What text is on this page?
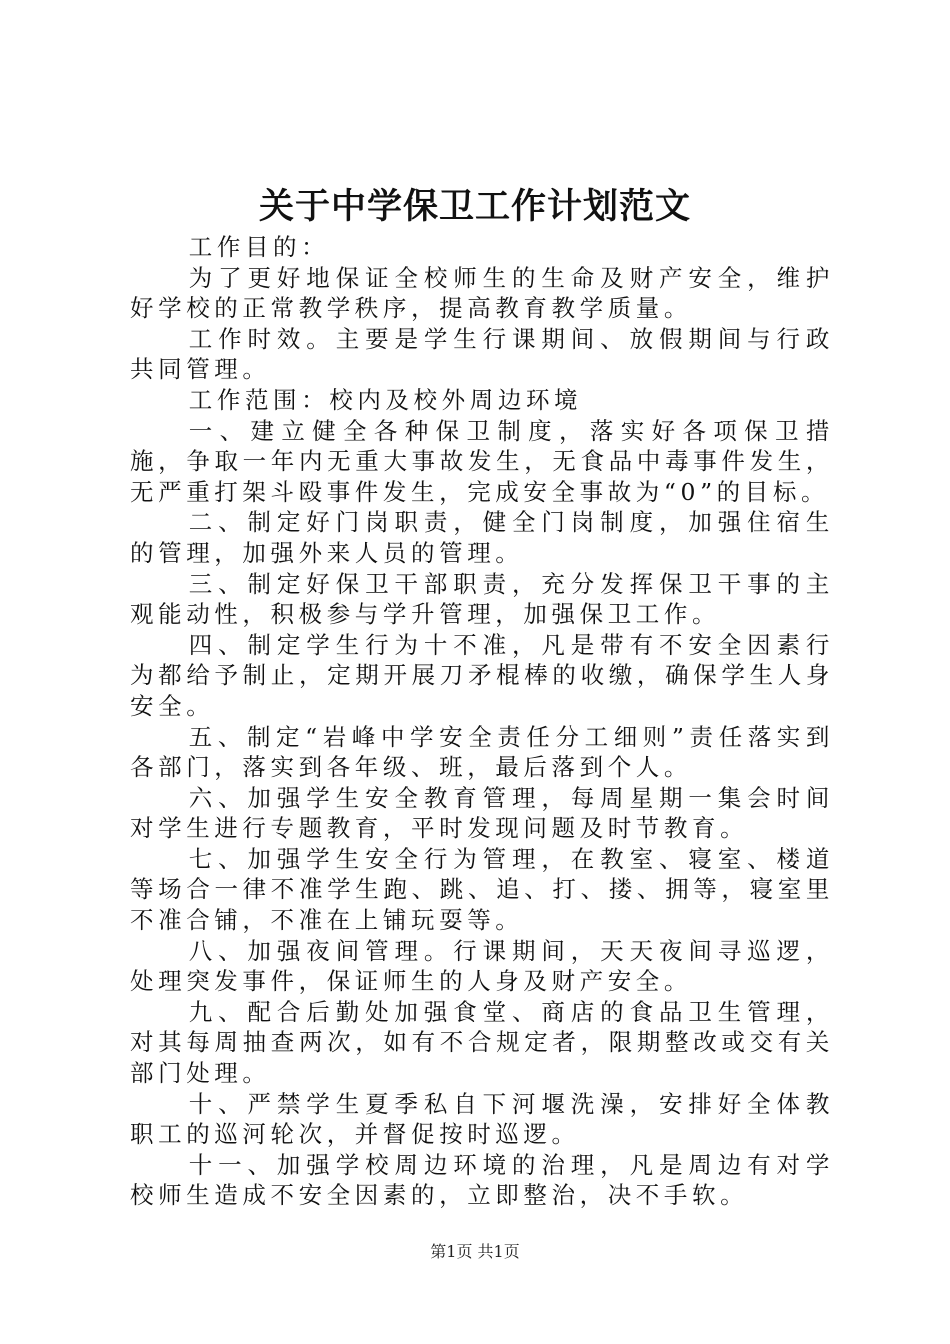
关于中学保卫工作计划范文

工作目的：

为了更好地保证全校师生的生命及财产安全，维护好学校的正常教学秩序，提高教育教学质量。

工作时效。主要是学生行课期间、放假期间与行政共同管理。

工作范围：校内及校外周边环境

一、建立健全各种保卫制度，落实好各项保卫措施，争取一年内无重大事故发生，无食品中毒事件发生，无严重打架斗殴事件发生，完成安全事故为“0”的目标。

二、制定好门岗职责，健全门岗制度，加强住宿生的管理，加强外来人员的管理。

三、制定好保卫干部职责，充分发挥保卫干事的主观能动性，积极参与学升管理，加强保卫工作。

四、制定学生行为十不准，凡是带有不安全因素行为都给予制止，定期开展刀矛棍棒的收缴，确保学生人身安全。

五、制定“岩峰中学安全责任分工细则”责任落实到各部门，落实到各年级、班，最后落到个人。

六、加强学生安全教育管理，每周星期一集会时间对学生进行专题教育，平时发现问题及时节教育。

七、加强学生安全行为管理，在教室、寝室、楼道等场合一律不准学生跑、跳、追、打、搂、拥等，寝室里不准合铺，不准在上铺玩耍等。

八、加强夜间管理。行课期间，天天夜间寻巡逻，处理突发事件，保证师生的人身及财产安全。

九、配合后勤处加强食堂、商店的食品卫生管理，对其每周抽查两次，如有不合规定者，限期整改或交有关部门处理。

十、严禁学生夏季私自下河堰洗澡，安排好全体教职工的巡河轮次，并督促按时巡逻。

十一、加强学校周边环境的治理，凡是周边有对学校师生造成不安全因素的，立即整治，决不手软。

第1页 共1页
